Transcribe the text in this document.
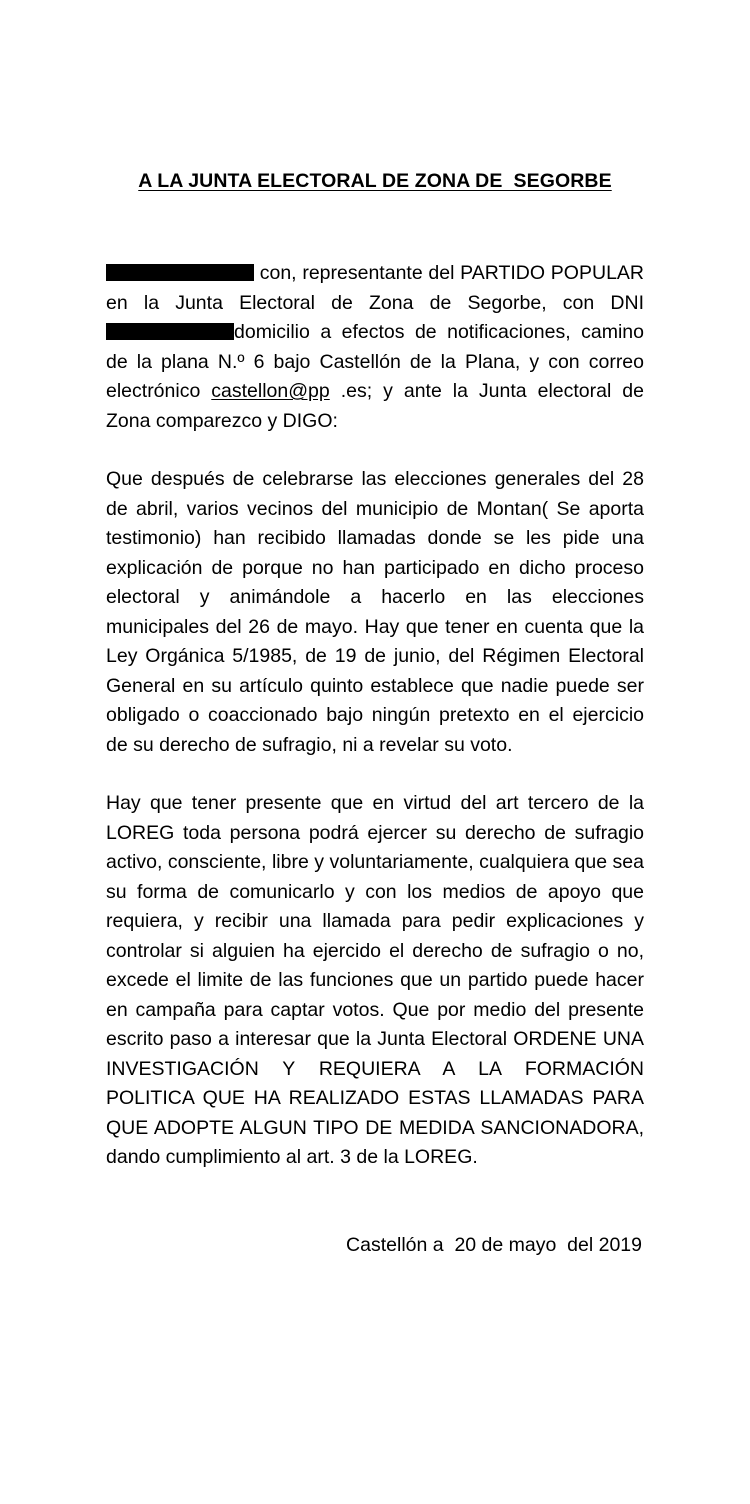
A LA JUNTA ELECTORAL DE ZONA DE  SEGORBE

con, representante del PARTIDO POPULAR en la Junta Electoral de Zona de Segorbe, con DNI domicilio a efectos de notificaciones, camino de la plana N.º 6 bajo Castellón de la Plana, y con correo electrónico castellon@pp .es; y ante la Junta electoral de Zona comparezco y DIGO:

Que después de celebrarse las elecciones generales del 28 de abril, varios vecinos del municipio de Montan( Se aporta testimonio) han recibido llamadas donde se les pide una explicación de porque no han participado en dicho proceso electoral y animándole a hacerlo en las elecciones municipales del 26 de mayo. Hay que tener en cuenta que la Ley Orgánica 5/1985, de 19 de junio, del Régimen Electoral General en su artículo quinto establece que nadie puede ser obligado o coaccionado bajo ningún pretexto en el ejercicio de su derecho de sufragio, ni a revelar su voto.

Hay que tener presente que en virtud del art tercero de la LOREG toda persona podrá ejercer su derecho de sufragio activo, consciente, libre y voluntariamente, cualquiera que sea su forma de comunicarlo y con los medios de apoyo que requiera, y recibir una llamada para pedir explicaciones y controlar si alguien ha ejercido el derecho de sufragio o no, excede el limite de las funciones que un partido puede hacer en campaña para captar votos. Que por medio del presente escrito paso a interesar que la Junta Electoral ORDENE UNA INVESTIGACIÓN Y REQUIERA A LA FORMACIÓN POLITICA QUE HA REALIZADO ESTAS LLAMADAS PARA QUE ADOPTE ALGUN TIPO DE MEDIDA SANCIONADORA, dando cumplimiento al art. 3 de la LOREG.

Castellón a  20 de mayo  del 2019
